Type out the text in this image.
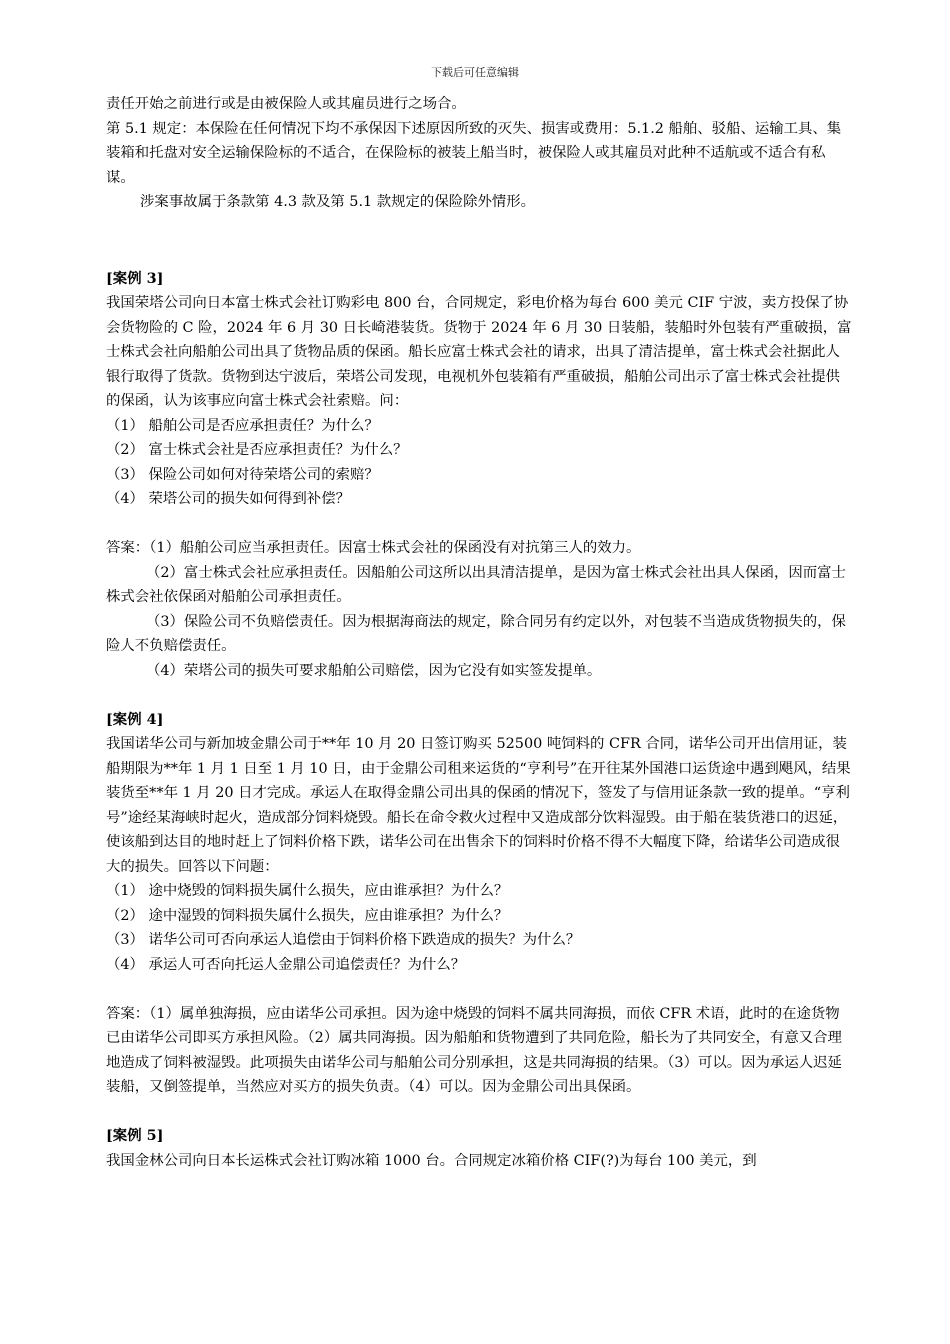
下载后可任意编辑

责任开始之前进行或是由被保险人或其雇员进行之场合。

第 5.1 规定：本保险在任何情况下均不承保因下述原因所致的灭失、损害或费用：5.1.2 船舶、驳船、运输工具、集装箱和托盘对安全运输保险标的不适合，在保险标的被装上船当时，被保险人或其雇员对此种不适航或不适合有私谋。

涉案事故属于条款第 4.3 款及第 5.1 款规定的保险除外情形。

[案例 3]

我国荣塔公司向日本富士株式会社订购彩电 800 台，合同规定，彩电价格为每台 600 美元 CIF 宁波，卖方投保了协会货物险的 C 险，2024 年 6 月 30 日长崎港装货。货物于 2024 年 6 月 30 日装船，装船时外包装有严重破损，富士株式会社向船舶公司出具了货物品质的保函。船长应富士株式会社的请求，出具了清洁提单，富士株式会社据此人银行取得了货款。货物到达宁波后，荣塔公司发现，电视机外包装箱有严重破损，船舶公司出示了富士株式会社提供的保函，认为该事应向富士株式会社索赔。问：

（1） 船舶公司是否应承担责任？为什么？

（2） 富士株式会社是否应承担责任？为什么？

（3） 保险公司如何对待荣塔公司的索赔？

（4） 荣塔公司的损失如何得到补偿？

答案：（1）船舶公司应当承担责任。因富士株式会社的保函没有对抗第三人的效力。

（2）富士株式会社应承担责任。因船舶公司这所以出具清洁提单，是因为富士株式会社出具人保函，因而富士株式会社依保函对船舶公司承担责任。

（3）保险公司不负赔偿责任。因为根据海商法的规定，除合同另有约定以外，对包装不当造成货物损失的，保险人不负赔偿责任。

（4）荣塔公司的损失可要求船舶公司赔偿，因为它没有如实签发提单。

[案例 4]

我国诺华公司与新加坡金鼎公司于**年 10 月 20 日签订购买 52500 吨饲料的 CFR 合同，诺华公司开出信用证，装船期限为**年 1 月 1 日至 1 月 10 日，由于金鼎公司租来运货的“亨利号”在开往某外国港口运货途中遇到飓风，结果装货至**年 1 月 20 日才完成。承运人在取得金鼎公司出具的保函的情况下，签发了与信用证条款一致的提单。“亨利号”途经某海峡时起火，造成部分饲料烧毁。船长在命令救火过程中又造成部分饮料湿毁。由于船在装货港口的迟延，使该船到达目的地时赶上了饲料价格下跌，诺华公司在出售余下的饲料时价格不得不大幅度下降，给诺华公司造成很大的损失。回答以下问题：

（1） 途中烧毁的饲料损失属什么损失，应由谁承担？为什么？

（2） 途中湿毁的饲料损失属什么损失，应由谁承担？为什么？

（3） 诺华公司可否向承运人追偿由于饲料价格下跌造成的损失？为什么？

（4） 承运人可否向托运人金鼎公司追偿责任？为什么？

答案：（1）属单独海损，应由诺华公司承担。因为途中烧毁的饲料不属共同海损，而依 CFR 术语，此时的在途货物已由诺华公司即买方承担风险。（2）属共同海损。因为船舶和货物遭到了共同危险，船长为了共同安全，有意又合理地造成了饲料被湿毁。此项损失由诺华公司与船舶公司分别承担，这是共同海损的结果。（3）可以。因为承运人迟延装船，又倒签提单，当然应对买方的损失负责。（4）可以。因为金鼎公司出具保函。

[案例 5]

我国金林公司向日本长运株式会社订购冰箱 1000 台。合同规定冰箱价格 CIF(?)为每台 100 美元，到
